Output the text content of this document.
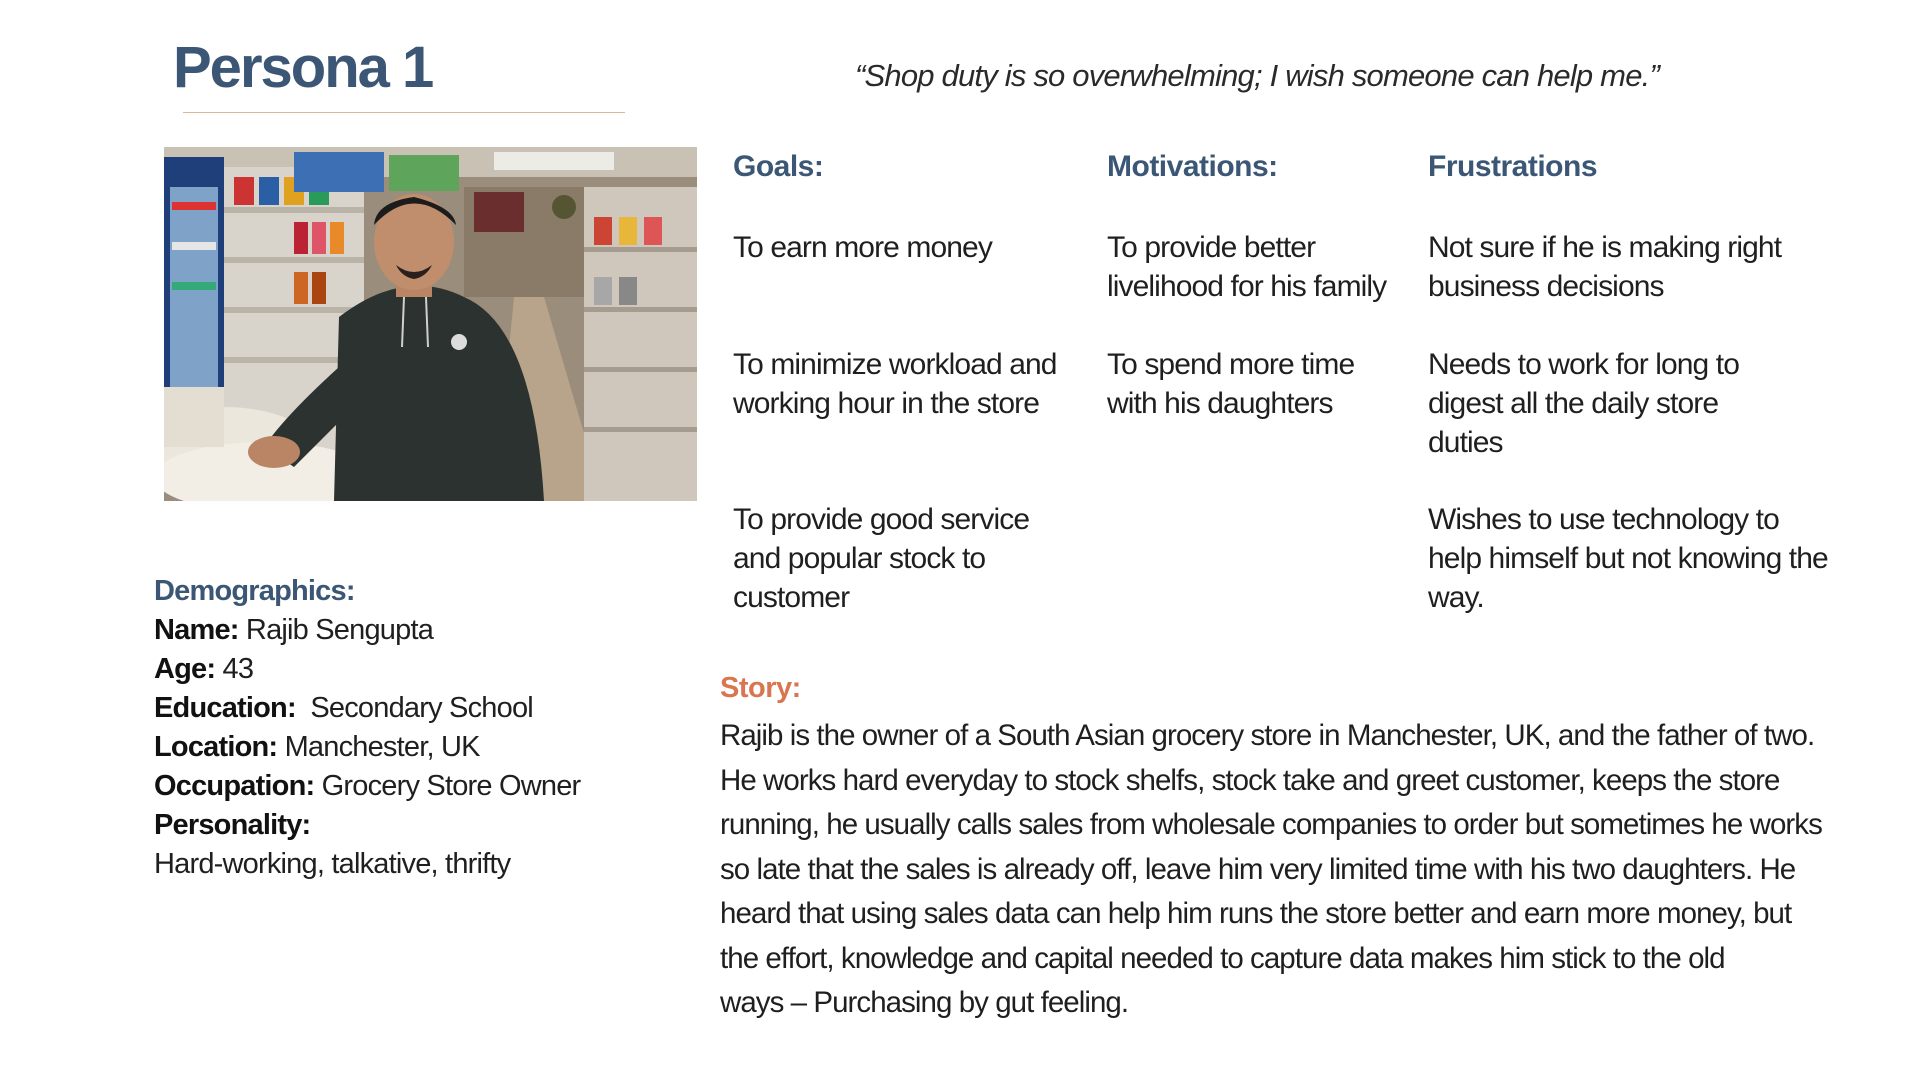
Persona 1	“Shop duty is so overwhelming; I wish someone can help me.”
Goals:
To earn more money
To minimize workload and working hour in the store
To provide good service and popular stock to customer
Motivations:
To provide better livelihood for his family
To spend more time with his daughters
Frustrations
Not sure if he is making right business decisions
Needs to work for long to digest all the daily store duties
Wishes to use technology to help himself but not knowing the way.
Demographics:
Name: Rajib Sengupta
Age: 43
Education: Secondary School
Location: Manchester, UK
Occupation: Grocery Store Owner
Personality:
Hard-working, talkative, thrifty
Story:
Rajib is the owner of a South Asian grocery store in Manchester, UK, and the father of two.
He works hard everyday to stock shelfs, stock take and greet customer, keeps the store
running, he usually calls sales from wholesale companies to order but sometimes he works
so late that the sales is already off, leave him very limited time with his two daughters. He
heard that using sales data can help him runs the store better and earn more money, but
the effort, knowledge and capital needed to capture data makes him stick to the old
ways – Purchasing by gut feeling.
